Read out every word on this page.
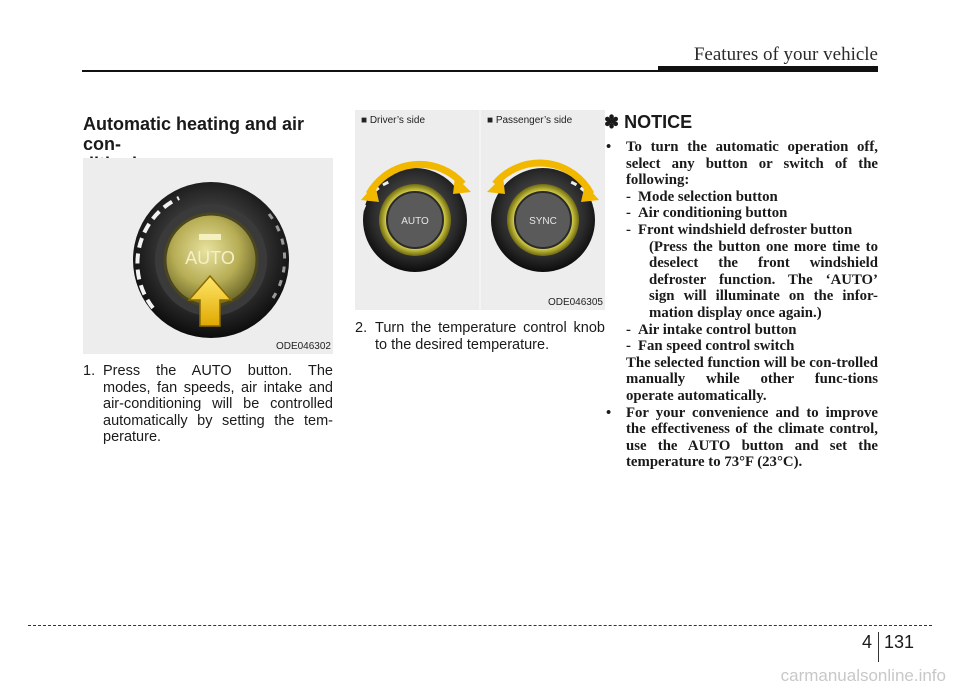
Features of your vehicle
Automatic heating and air con-
AUTO
ODE046302
1. Press the AUTO button. The modes, fan speeds, air intake and air-conditioning will be controlled automatically by setting the tem-perature.
■ Driver’s side
AUTO
■ Passenger’s side
SYNC
ODE046305
2. Turn the temperature control knob to the desired temperature.
✽ NOTICE
• To turn the automatic operation off, select any button or switch of the following:
- Mode selection button
- Air conditioning button
- Front windshield defroster button
(Press the button one more time to deselect the front windshield defroster function. The ‘AUTO’ sign will illuminate on the infor-mation display once again.)
- Air intake control button
- Fan speed control switch
The selected function will be con-trolled manually while other func-tions operate automatically.
• For your convenience and to improve the effectiveness of the climate control, use the AUTO button and set the temperature to 73°F (23°C).
4 131
carmanualsonline.info
